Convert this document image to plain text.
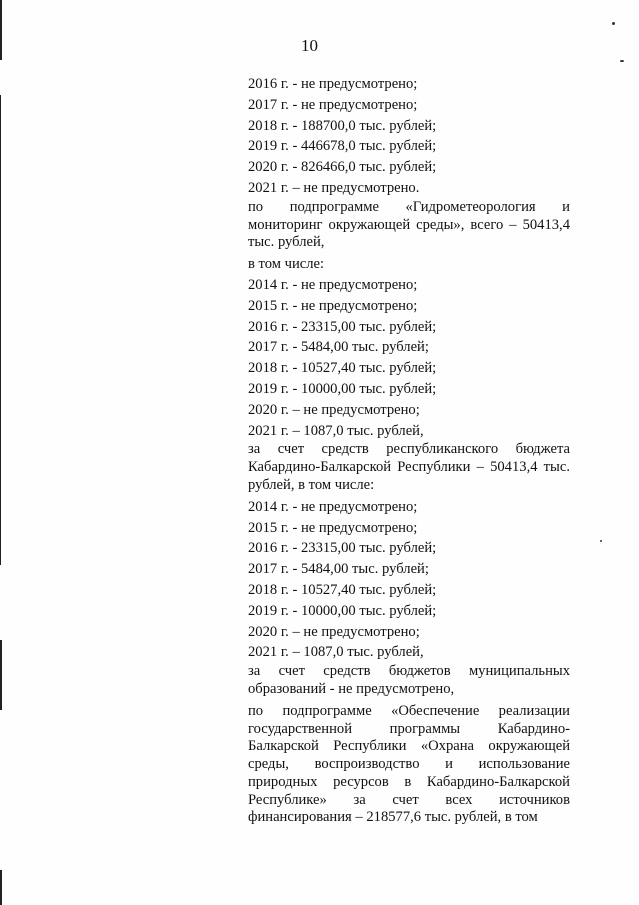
10
2016 г. - не предусмотрено;
2017 г. - не предусмотрено;
2018 г. - 188700,0 тыс. рублей;
2019 г. - 446678,0 тыс. рублей;
2020 г. - 826466,0 тыс. рублей;
2021 г. – не предусмотрено.
по подпрограмме «Гидрометеорология и мониторинг окружающей среды», всего – 50413,4 тыс. рублей,
в том числе:
2014 г. - не предусмотрено;
2015 г. - не предусмотрено;
2016 г. - 23315,00 тыс. рублей;
2017 г. - 5484,00 тыс. рублей;
2018 г. - 10527,40 тыс. рублей;
2019 г. - 10000,00 тыс. рублей;
2020 г. – не предусмотрено;
2021 г. – 1087,0 тыс. рублей,
за счет средств республиканского бюджета Кабардино-Балкарской Республики – 50413,4 тыс. рублей, в том числе:
2014 г. - не предусмотрено;
2015 г. - не предусмотрено;
2016 г. - 23315,00 тыс. рублей;
2017 г. - 5484,00 тыс. рублей;
2018 г. - 10527,40 тыс. рублей;
2019 г. - 10000,00 тыс. рублей;
2020 г. – не предусмотрено;
2021 г. – 1087,0 тыс. рублей,
за счет средств бюджетов муниципальных образований - не предусмотрено,
по подпрограмме «Обеспечение реализации государственной программы Кабардино-Балкарской Республики «Охрана окружающей среды, воспроизводство и использование природных ресурсов в Кабардино-Балкарской Республике» за счет всех источников финансирования – 218577,6 тыс. рублей, в том
